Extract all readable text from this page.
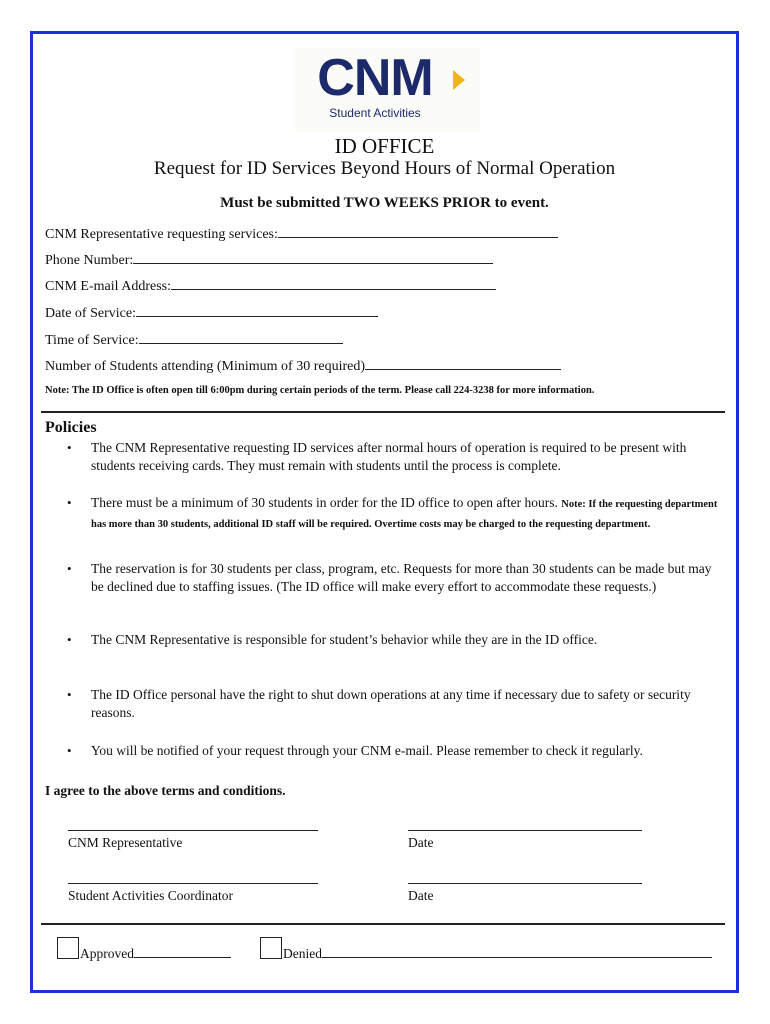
CNM
Student Activities
ID OFFICE
Request for ID Services Beyond Hours of Normal Operation
Must be submitted TWO WEEKS PRIOR to event.
CNM Representative requesting services:
Phone Number:
CNM E-mail Address:
Date of Service:
Time of Service:
Number of Students attending (Minimum of 30 required)
Note: The ID Office is often open till 6:00pm during certain periods of the term. Please call 224-3238 for more information.
Policies
• The CNM Representative requesting ID services after normal hours of operation is required to be present with students receiving cards. They must remain with students until the process is complete.
• There must be a minimum of 30 students in order for the ID office to open after hours. Note: If the requesting department has more than 30 students, additional ID staff will be required. Overtime costs may be charged to the requesting department.
• The reservation is for 30 students per class, program, etc. Requests for more than 30 students can be made but may be declined due to staffing issues. (The ID office will make every effort to accommodate these requests.)
• The CNM Representative is responsible for student’s behavior while they are in the ID office.
• The ID Office personal have the right to shut down operations at any time if necessary due to safety or security reasons.
• You will be notified of your request through your CNM e-mail. Please remember to check it regularly.
I agree to the above terms and conditions.
CNM Representative	Date
Student Activities Coordinator	Date
Approved	Denied
